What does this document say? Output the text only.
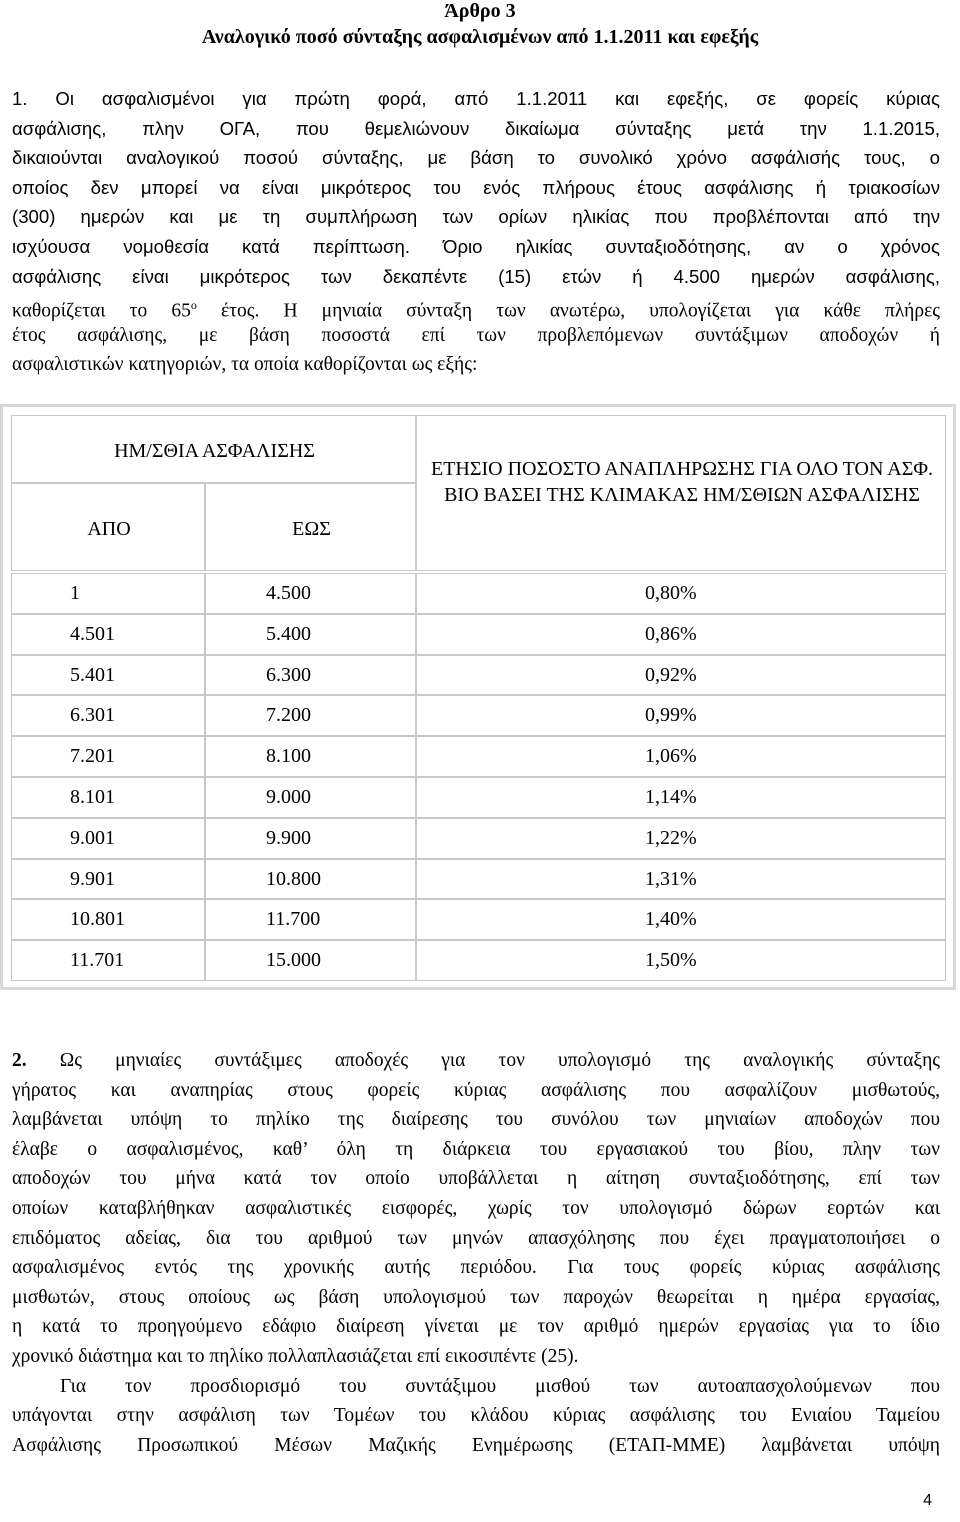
Άρθρο 3
Αναλογικό ποσό σύνταξης ασφαλισμένων από 1.1.2011 και εφεξής
1. Οι ασφαλισμένοι για πρώτη φορά, από 1.1.2011 και εφεξής, σε φορείς κύριας
ασφάλισης, πλην ΟΓΑ, που θεμελιώνουν δικαίωμα σύνταξης μετά την 1.1.2015,
δικαιούνται αναλογικού ποσού σύνταξης, με βάση το συνολικό χρόνο ασφάλισής τους, ο
οποίος δεν μπορεί να είναι μικρότερος του ενός πλήρους έτους ασφάλισης ή τριακοσίων
(300) ημερών και με τη συμπλήρωση των ορίων ηλικίας που προβλέπονται από την
ισχύουσα νομοθεσία κατά περίπτωση. Όριο ηλικίας συνταξιοδότησης, αν ο χρόνος
ασφάλισης είναι μικρότερος των δεκαπέντε (15) ετών ή 4.500 ημερών ασφάλισης,
καθορίζεται το $65^o$ έτος. Η μηνιαία σύνταξη των ανωτέρω, υπολογίζεται για κάθε πλήρες
έτος ασφάλισης, με βάση ποσοστά επί των προβλεπόμενων συντάξιμων αποδοχών ή
ασφαλιστικών κατηγοριών, τα οποία καθορίζονται ως εξής:
ΗΜ/ΣΘΙΑ ΑΣΦΑΛΙΣΗΣ
ΑΠΟ	ΕΩΣ
ΕΤΗΣΙΟ ΠΟΣΟΣΤΟ ΑΝΑΠΛΗΡΩΣΗΣ ΓΙΑ ΟΛΟ ΤΟΝ ΑΣΦ. ΒΙΟ ΒΑΣΕΙ ΤΗΣ ΚΛΙΜΑΚΑΣ ΗΜ/ΣΘΙΩΝ ΑΣΦΑΛΙΣΗΣ
1	4.500	0,80%
4.501	5.400	0,86%
5.401	6.300	0,92%
6.301	7.200	0,99%
7.201	8.100	1,06%
8.101	9.000	1,14%
9.001	9.900	1,22%
9.901	10.800	1,31%
10.801	11.700	1,40%
11.701	15.000	1,50%
2. Ως μηνιαίες συντάξιμες αποδοχές για τον υπολογισμό της αναλογικής σύνταξης
γήρατος και αναπηρίας στους φορείς κύριας ασφάλισης που ασφαλίζουν μισθωτούς,
λαμβάνεται υπόψη το πηλίκο της διαίρεσης του συνόλου των μηνιαίων αποδοχών που
έλαβε ο ασφαλισμένος, καθ’ όλη τη διάρκεια του εργασιακού του βίου, πλην των
αποδοχών του μήνα κατά τον οποίο υποβάλλεται η αίτηση συνταξιοδότησης, επί των
οποίων καταβλήθηκαν ασφαλιστικές εισφορές, χωρίς τον υπολογισμό δώρων εορτών και
επιδόματος αδείας, δια του αριθμού των μηνών απασχόλησης που έχει πραγματοποιήσει ο
ασφαλισμένος εντός της χρονικής αυτής περιόδου. Για τους φορείς κύριας ασφάλισης
μισθωτών, στους οποίους ως βάση υπολογισμού των παροχών θεωρείται η ημέρα εργασίας,
η κατά το προηγούμενο εδάφιο διαίρεση γίνεται με τον αριθμό ημερών εργασίας για το ίδιο
χρονικό διάστημα και το πηλίκο πολλαπλασιάζεται επί εικοσιπέντε (25).
Για τον προσδιορισμό του συντάξιμου μισθού των αυτοαπασχολούμενων που
υπάγονται στην ασφάλιση των Τομέων του κλάδου κύριας ασφάλισης του Ενιαίου Ταμείου
Ασφάλισης Προσωπικού Μέσων Μαζικής Ενημέρωσης (ΕΤΑΠ-ΜΜΕ) λαμβάνεται υπόψη
4
